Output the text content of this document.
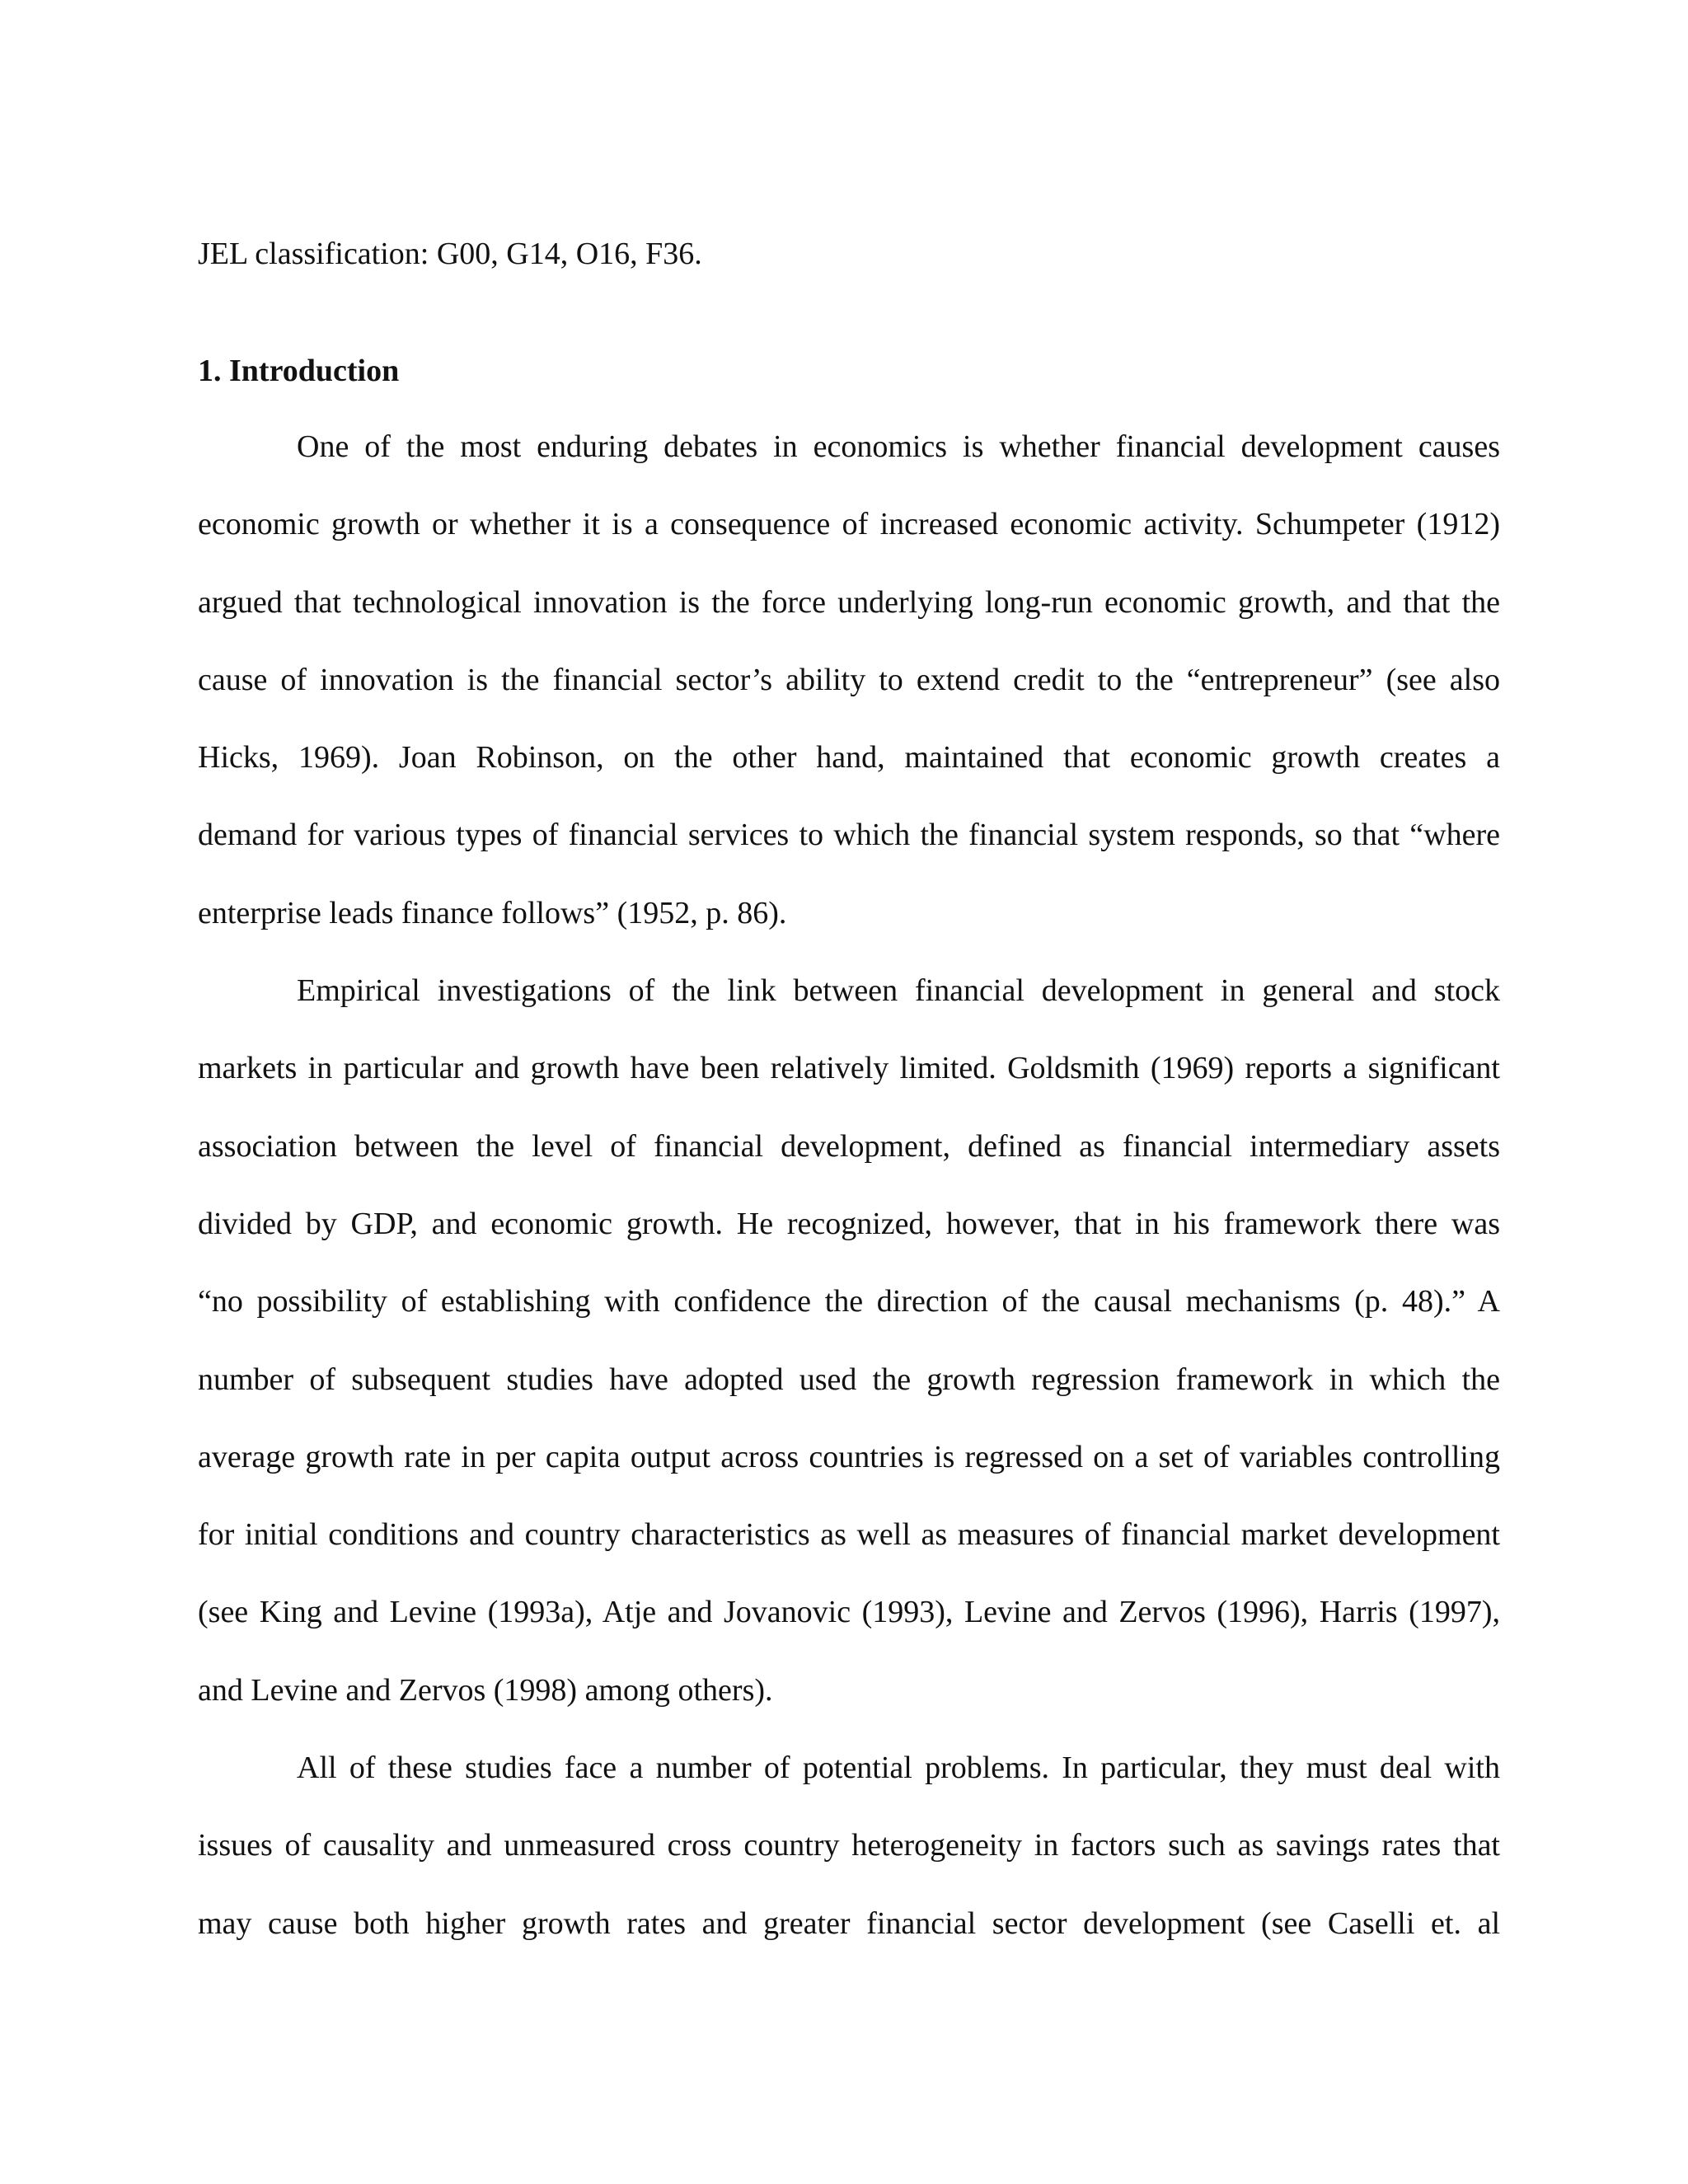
JEL classification: G00, G14, O16, F36.
1. Introduction
One of the most enduring debates in economics is whether financial development causes
economic growth or whether it is a consequence of increased economic activity. Schumpeter (1912)
argued that technological innovation is the force underlying long-run economic growth, and that the
cause of innovation is the financial sector’s ability to extend credit to the “entrepreneur” (see also
Hicks, 1969). Joan Robinson, on the other hand, maintained that economic growth creates a
demand for various types of financial services to which the financial system responds, so that “where
enterprise leads finance follows” (1952, p. 86).
Empirical investigations of the link between financial development in general and stock
markets in particular and growth have been relatively limited. Goldsmith (1969) reports a significant
association between the level of financial development, defined as financial intermediary assets
divided by GDP, and economic growth. He recognized, however, that in his framework there was
“no possibility of establishing with confidence the direction of the causal mechanisms (p. 48).” A
number of subsequent studies have adopted used the growth regression framework in which the
average growth rate in per capita output across countries is regressed on a set of variables controlling
for initial conditions and country characteristics as well as measures of financial market development
(see King and Levine (1993a), Atje and Jovanovic (1993), Levine and Zervos (1996), Harris (1997),
and Levine and Zervos (1998) among others).
All of these studies face a number of potential problems. In particular, they must deal with
issues of causality and unmeasured cross country heterogeneity in factors such as savings rates that
may cause both higher growth rates and greater financial sector development (see Caselli et. al
